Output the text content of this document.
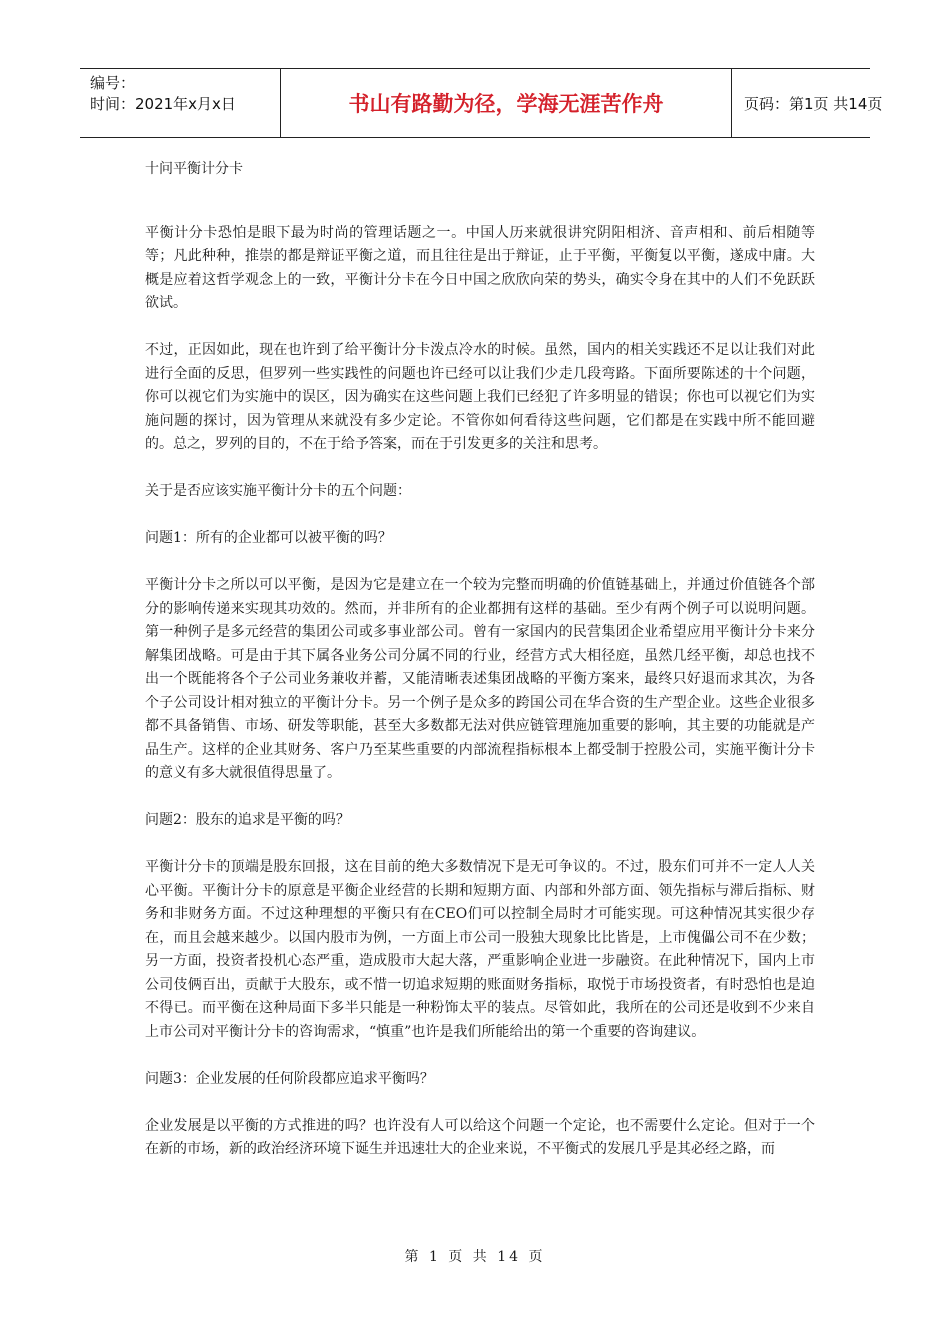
编号：
时间：2021年x月x日	书山有路勤为径，学海无涯苦作舟	页码：第1页 共14页
十问平衡计分卡

平衡计分卡恐怕是眼下最为时尚的管理话题之一。中国人历来就很讲究阴阳相济、音声相和、前后相随等等；凡此种种，推崇的都是辩证平衡之道，而且往往是出于辩证，止于平衡，平衡复以平衡，遂成中庸。大概是应着这哲学观念上的一致，平衡计分卡在今日中国之欣欣向荣的势头，确实令身在其中的人们不免跃跃欲试。

不过，正因如此，现在也许到了给平衡计分卡泼点冷水的时候。虽然，国内的相关实践还不足以让我们对此进行全面的反思，但罗列一些实践性的问题也许已经可以让我们少走几段弯路。下面所要陈述的十个问题，你可以视它们为实施中的误区，因为确实在这些问题上我们已经犯了许多明显的错误；你也可以视它们为实施问题的探讨，因为管理从来就没有多少定论。不管你如何看待这些问题，它们都是在实践中所不能回避的。总之，罗列的目的，不在于给予答案，而在于引发更多的关注和思考。

关于是否应该实施平衡计分卡的五个问题：

问题1：所有的企业都可以被平衡的吗？

平衡计分卡之所以可以平衡，是因为它是建立在一个较为完整而明确的价值链基础上，并通过价值链各个部分的影响传递来实现其功效的。然而，并非所有的企业都拥有这样的基础。至少有两个例子可以说明问题。第一种例子是多元经营的集团公司或多事业部公司。曾有一家国内的民营集团企业希望应用平衡计分卡来分解集团战略。可是由于其下属各业务公司分属不同的行业，经营方式大相径庭，虽然几经平衡，却总也找不出一个既能将各个子公司业务兼收并蓄，又能清晰表述集团战略的平衡方案来，最终只好退而求其次，为各个子公司设计相对独立的平衡计分卡。另一个例子是众多的跨国公司在华合资的生产型企业。这些企业很多都不具备销售、市场、研发等职能，甚至大多数都无法对供应链管理施加重要的影响，其主要的功能就是产品生产。这样的企业其财务、客户乃至某些重要的内部流程指标根本上都受制于控股公司，实施平衡计分卡的意义有多大就很值得思量了。

问题2：股东的追求是平衡的吗？

平衡计分卡的顶端是股东回报，这在目前的绝大多数情况下是无可争议的。不过，股东们可并不一定人人关心平衡。平衡计分卡的原意是平衡企业经营的长期和短期方面、内部和外部方面、领先指标与滞后指标、财务和非财务方面。不过这种理想的平衡只有在CEO们可以控制全局时才可能实现。可这种情况其实很少存在，而且会越来越少。以国内股市为例，一方面上市公司一股独大现象比比皆是，上市傀儡公司不在少数；另一方面，投资者投机心态严重，造成股市大起大落，严重影响企业进一步融资。在此种情况下，国内上市公司伎俩百出，贡献于大股东，或不惜一切追求短期的账面财务指标，取悦于市场投资者，有时恐怕也是迫不得已。而平衡在这种局面下多半只能是一种粉饰太平的装点。尽管如此，我所在的公司还是收到不少来自上市公司对平衡计分卡的咨询需求，“慎重”也许是我们所能给出的第一个重要的咨询建议。

问题3：企业发展的任何阶段都应追求平衡吗？

企业发展是以平衡的方式推进的吗？也许没有人可以给这个问题一个定论，也不需要什么定论。但对于一个在新的市场，新的政治经济环境下诞生并迅速壮大的企业来说，不平衡式的发展几乎是其必经之路，而

第 1 页 共 14 页
